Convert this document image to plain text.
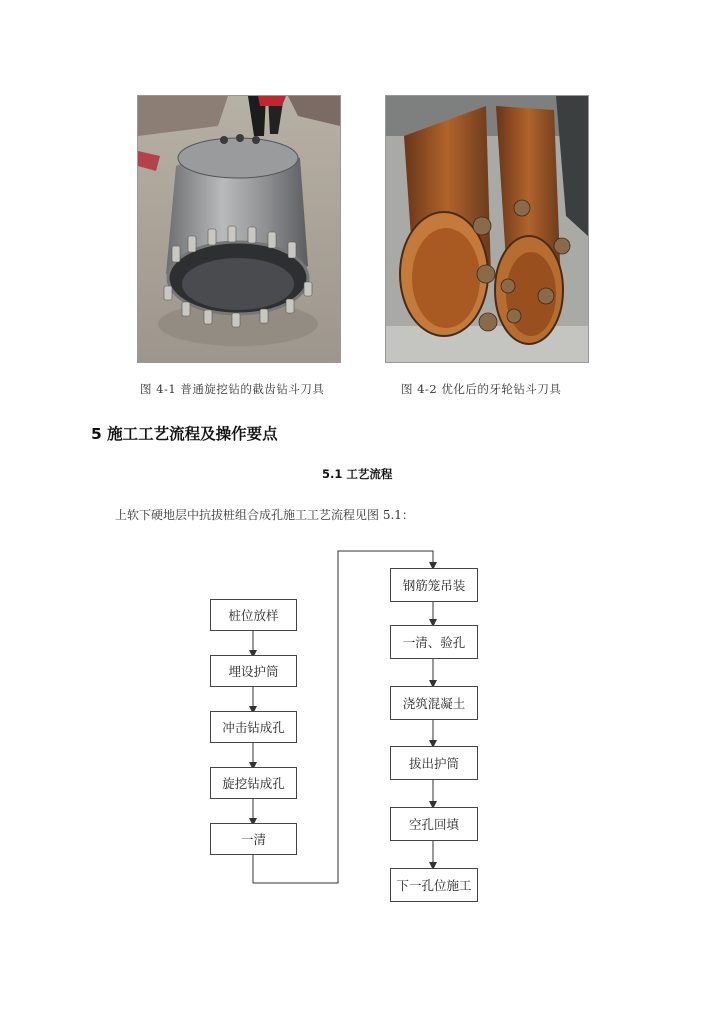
图 4-1 普通旋挖钻的截齿钻斗刀具	图 4-2 优化后的牙轮钻斗刀具
5 施工工艺流程及操作要点
5.1 工艺流程
上软下硬地层中抗拔桩组合成孔施工工艺流程见图 5.1：
桩位放样
埋设护筒
冲击钻成孔
旋挖钻成孔
一清
钢筋笼吊装
一清、验孔
浇筑混凝土
拔出护筒
空孔回填
下一孔位施工
